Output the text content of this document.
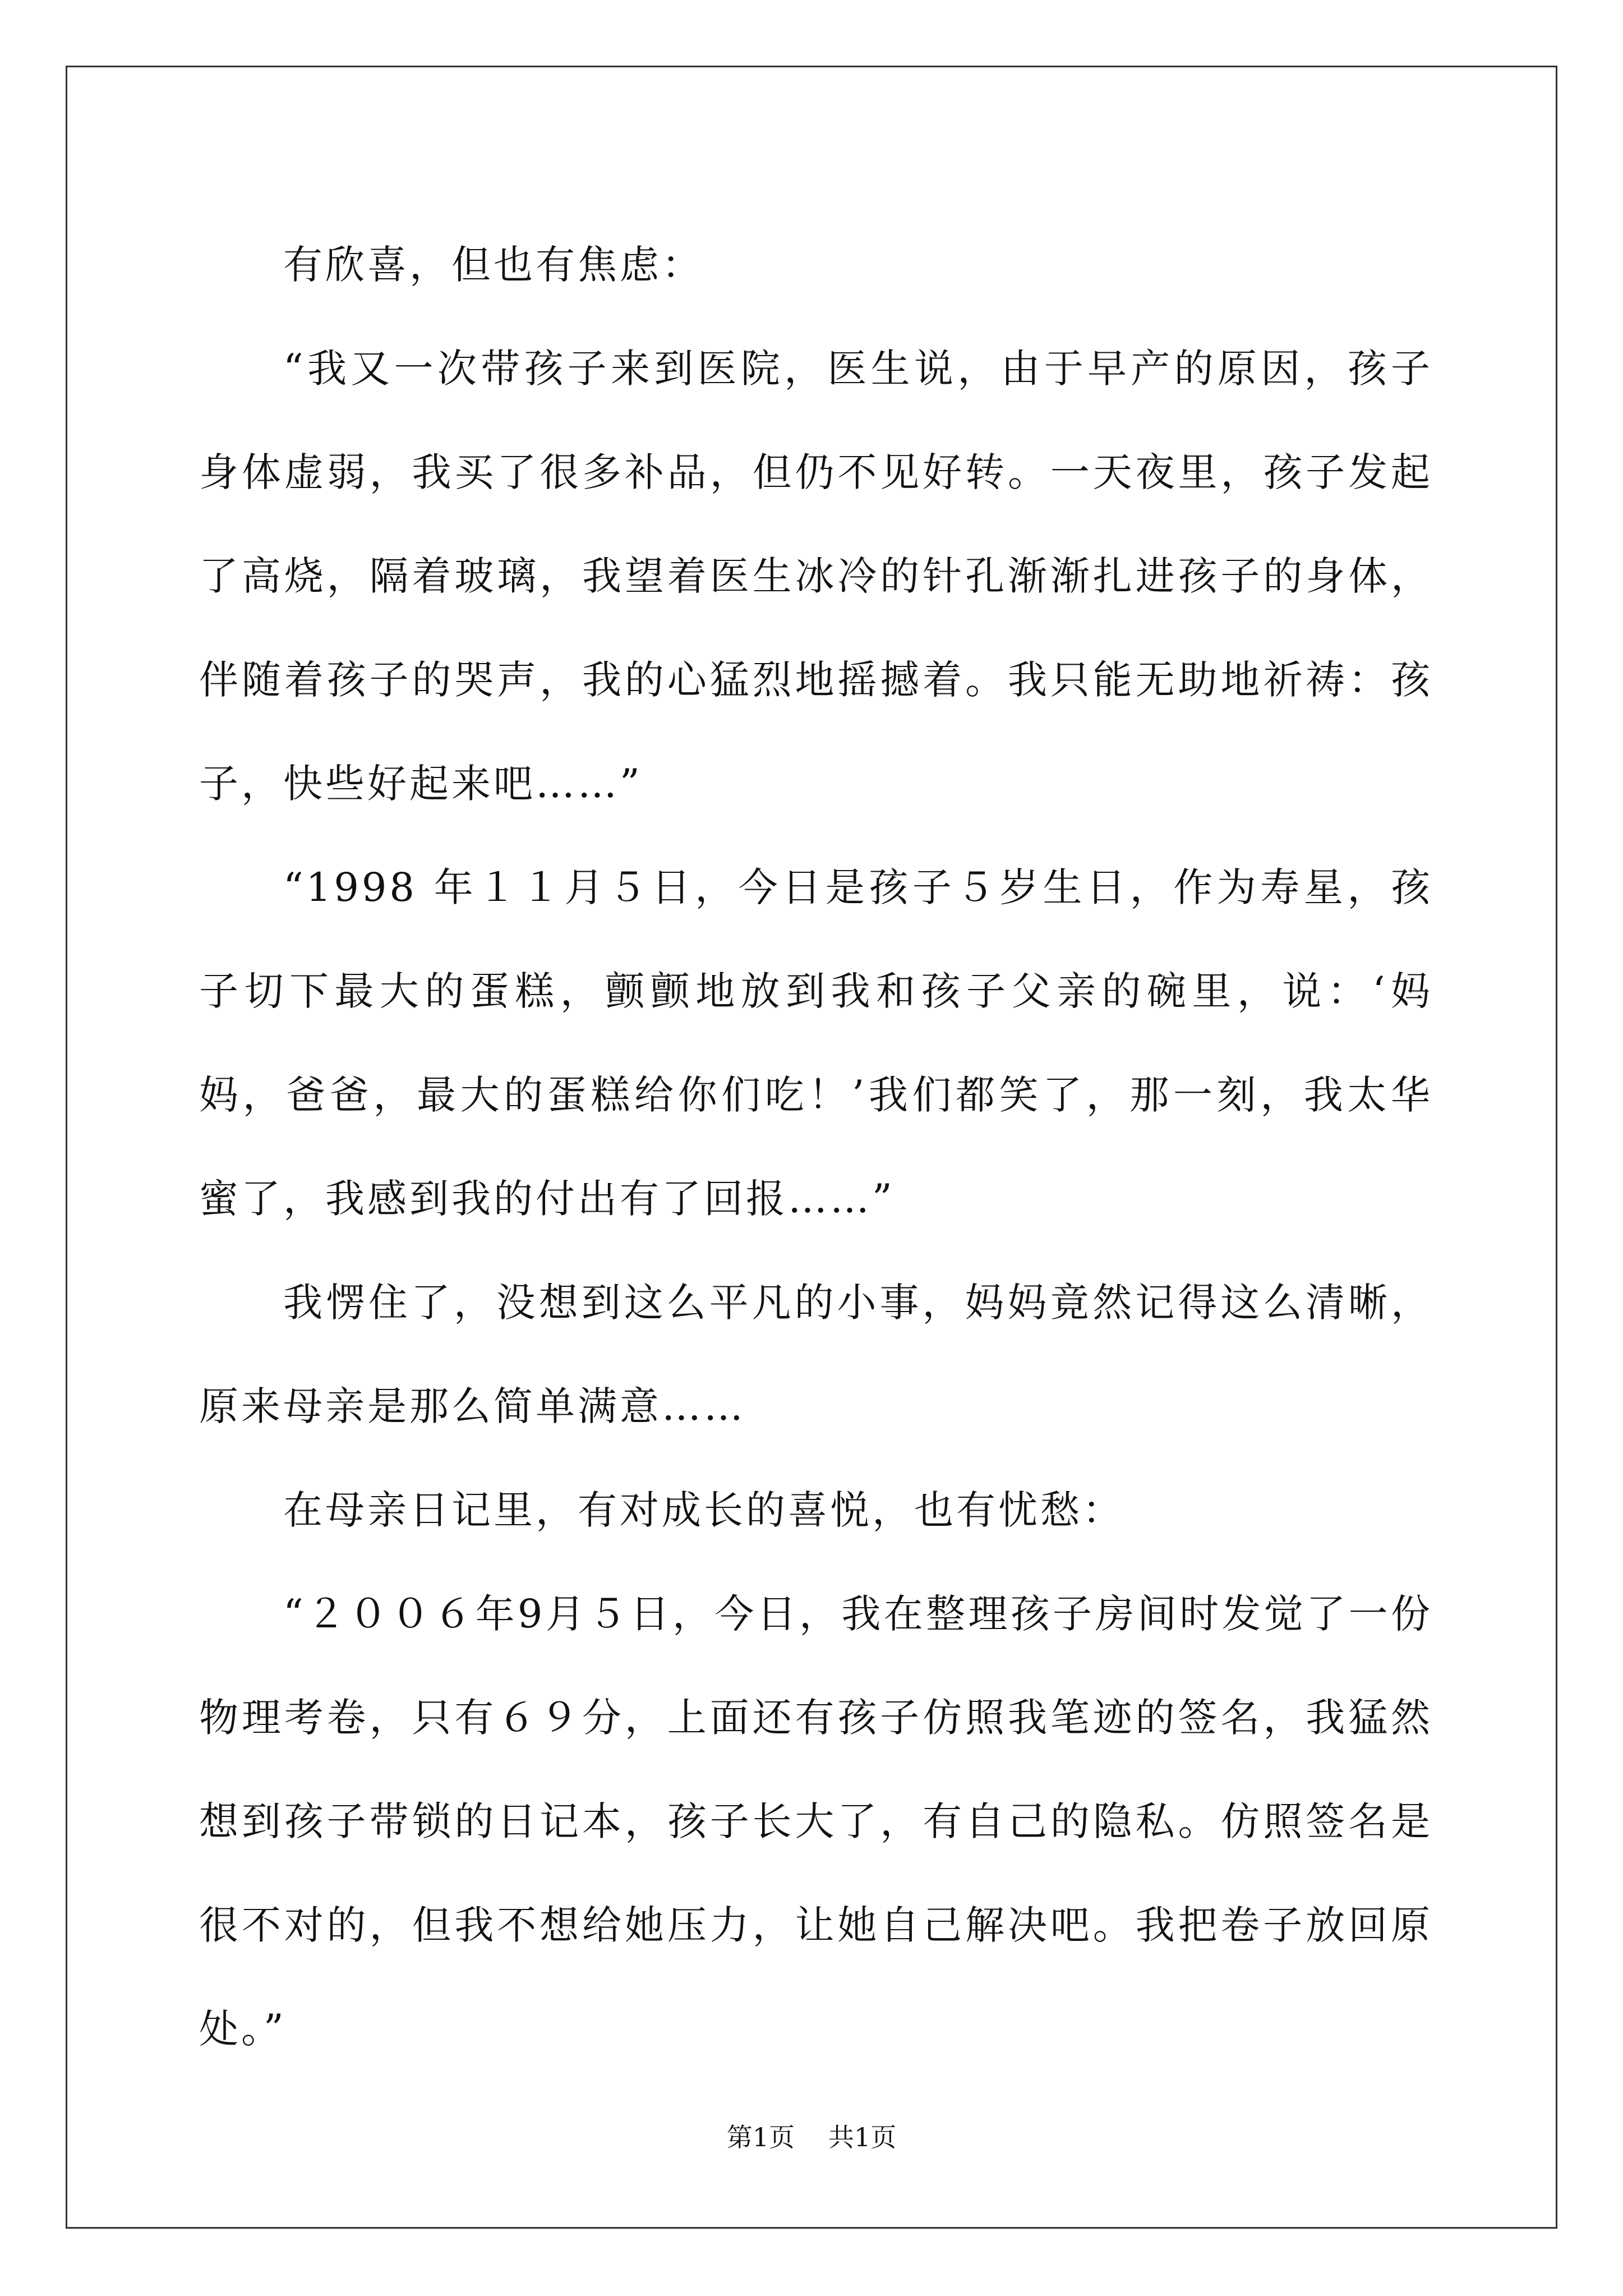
有欣喜，但也有焦虑：

“我又一次带孩子来到医院，医生说，由于早产的原因，孩子身体虚弱，我买了很多补品，但仍不见好转。一天夜里，孩子发起了高烧，隔着玻璃，我望着医生冰冷的针孔渐渐扎进孩子的身体，伴随着孩子的哭声，我的心猛烈地摇撼着。我只能无助地祈祷：孩子，快些好起来吧……”

“1998 年１１月５日，今日是孩子５岁生日，作为寿星，孩子切下最大的蛋糕，颤颤地放到我和孩子父亲的碗里，说：‘妈妈，爸爸，最大的蛋糕给你们吃！’我们都笑了，那一刻，我太华蜜了，我感到我的付出有了回报……”

我愣住了，没想到这么平凡的小事，妈妈竟然记得这么清晰，原来母亲是那么简单满意……

在母亲日记里，有对成长的喜悦，也有忧愁：

“２００６年9月５日，今日，我在整理孩子房间时发觉了一份物理考卷，只有６９分，上面还有孩子仿照我笔迹的签名，我猛然想到孩子带锁的日记本，孩子长大了，有自己的隐私。仿照签名是很不对的，但我不想给她压力，让她自己解决吧。我把卷子放回原处。”

第1页 共1页
